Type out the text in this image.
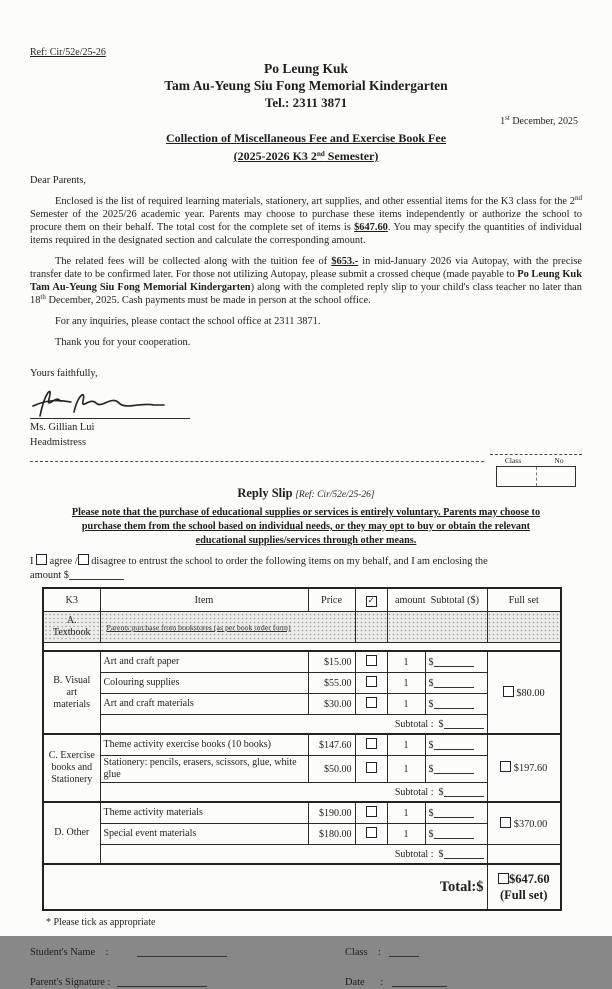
Ref: Cir/52e/25-26
Po Leung Kuk
Tam Au-Yeung Siu Fong Memorial Kindergarten
Tel.: 2311 3871
1st December, 2025
Collection of Miscellaneous Fee and Exercise Book Fee
(2025-2026 K3 2nd Semester)
Dear Parents,

Enclosed is the list of required learning materials, stationery, art supplies, and other essential items for the K3 class for the 2nd Semester of the 2025/26 academic year. Parents may choose to purchase these items independently or authorize the school to procure them on their behalf. The total cost for the complete set of items is $647.60. You may specify the quantities of individual items required in the designated section and calculate the corresponding amount.

The related fees will be collected along with the tuition fee of $653.- in mid-January 2026 via Autopay, with the precise transfer date to be confirmed later. For those not utilizing Autopay, please submit a crossed cheque (made payable to Po Leung Kuk Tam Au-Yeung Siu Fong Memorial Kindergarten) along with the completed reply slip to your child's class teacher no later than 18th December, 2025. Cash payments must be made in person at the school office.

For any inquiries, please contact the school office at 2311 3871.

Thank you for your cooperation.

Yours faithfully,
Ms. Gillian Lui
Headmistress
Class	No
Reply Slip [Ref: Cir/52e/25-26]
Please note that the purchase of educational supplies or services is entirely voluntary. Parents may choose to
purchase them from the school based on individual needs, or they may opt to buy or obtain the relevant
educational supplies/services through other means.
I  agree / disagree to entrust the school to order the following items on my behalf, and I am enclosing the
amount $
K3	Item	Price	✓	amount  Subtotal ($)		Full set
A. Textbook	Parents purchase from bookstores (as per book order form)					

B. Visual art materials	Art and craft paper	$15.00		1	$	$80.00
	Colouring supplies	$55.00		1	$	
	Art and craft materials	$30.00		1	$	
	Subtotal :  $					
C. Exercise books and Stationery	Theme activity exercise books (10 books)	$147.60		1	$	$197.60
	Stationery: pencils, erasers, scissors, glue, white glue	$50.00		1	$	
	Subtotal :  $					
D. Other	Theme activity materials	$190.00		1	$	$370.00
	Special event materials	$180.00		1	$	
	Subtotal :  $					
Total:$						$647.60
(Full set)
* Please tick as appropriate
Student's Name    :	Class    :
Parent's Signature :	Date      :
